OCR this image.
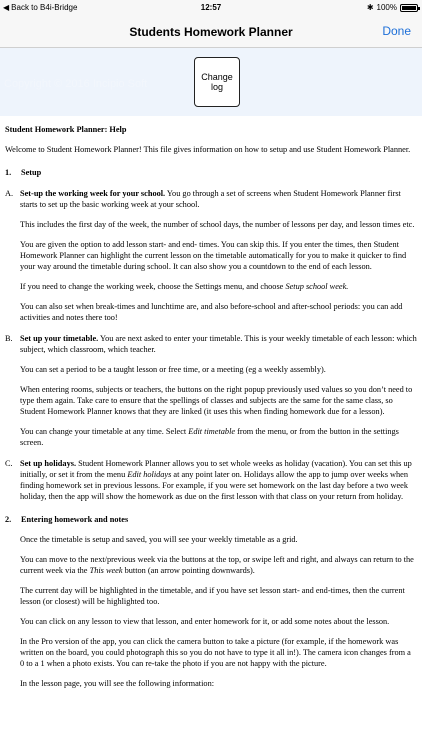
◀ Back to B4i-Bridge	12:57	✱ 100%
Students Homework Planner	Done
Copyright © 2016 Incipio Soft
Change log
Student Homework Planner: Help

Welcome to Student Homework Planner! This file gives information on how to setup and use Student Homework Planner.

1.	Setup
A. Set-up the working week for your school. You go through a set of screens when Student Homework Planner first starts to set up the basic working week at your school.

This includes the first day of the week, the number of school days, the number of lessons per day, and lesson times etc.

You are given the option to add lesson start- and end- times. You can skip this. If you enter the times, then Student Homework Planner can highlight the current lesson on the timetable automatically for you to make it quicker to find your way around the timetable during school. It can also show you a countdown to the end of each lesson.

If you need to change the working week, choose the Settings menu, and choose Setup school week.

You can also set when break-times and lunchtime are, and also before-school and after-school periods: you can add activities and notes there too!

B. Set up your timetable. You are next asked to enter your timetable. This is your weekly timetable of each lesson: which subject, which classroom, which teacher.

You can set a period to be a taught lesson or free time, or a meeting (eg a weekly assembly).

When entering rooms, subjects or teachers, the buttons on the right popup previously used values so you don’t need to type them again. Take care to ensure that the spellings of classes and subjects are the same for the same class, so Student Homework Planner knows that they are linked (it uses this when finding homework due for a lesson).

You can change your timetable at any time. Select Edit timetable from the menu, or from the button in the settings screen.

C. Set up holidays. Student Homework Planner allows you to set whole weeks as holiday (vacation). You can set this up initially, or set it from the menu Edit holidays at any point later on. Holidays allow the app to jump over weeks when finding homework set in previous lessons. For example, if you were set homework on the last day before a two week holiday, then the app will show the homework as due on the first lesson with that class on your return from holiday.
2.	Entering homework and notes

Once the timetable is setup and saved, you will see your weekly timetable as a grid.

You can move to the next/previous week via the buttons at the top, or swipe left and right, and always can return to the current week via the This week button (an arrow pointing downwards).

The current day will be highlighted in the timetable, and if you have set lesson start- and end-times, then the current lesson (or closest) will be highlighted too.

You can click on any lesson to view that lesson, and enter homework for it, or add some notes about the lesson.

In the Pro version of the app, you can click the camera button to take a picture (for example, if the homework was written on the board, you could photograph this so you do not have to type it all in!). The camera icon changes from a 0 to a 1 when a photo exists. You can re-take the photo if you are not happy with the picture.

In the lesson page, you will see the following information:
